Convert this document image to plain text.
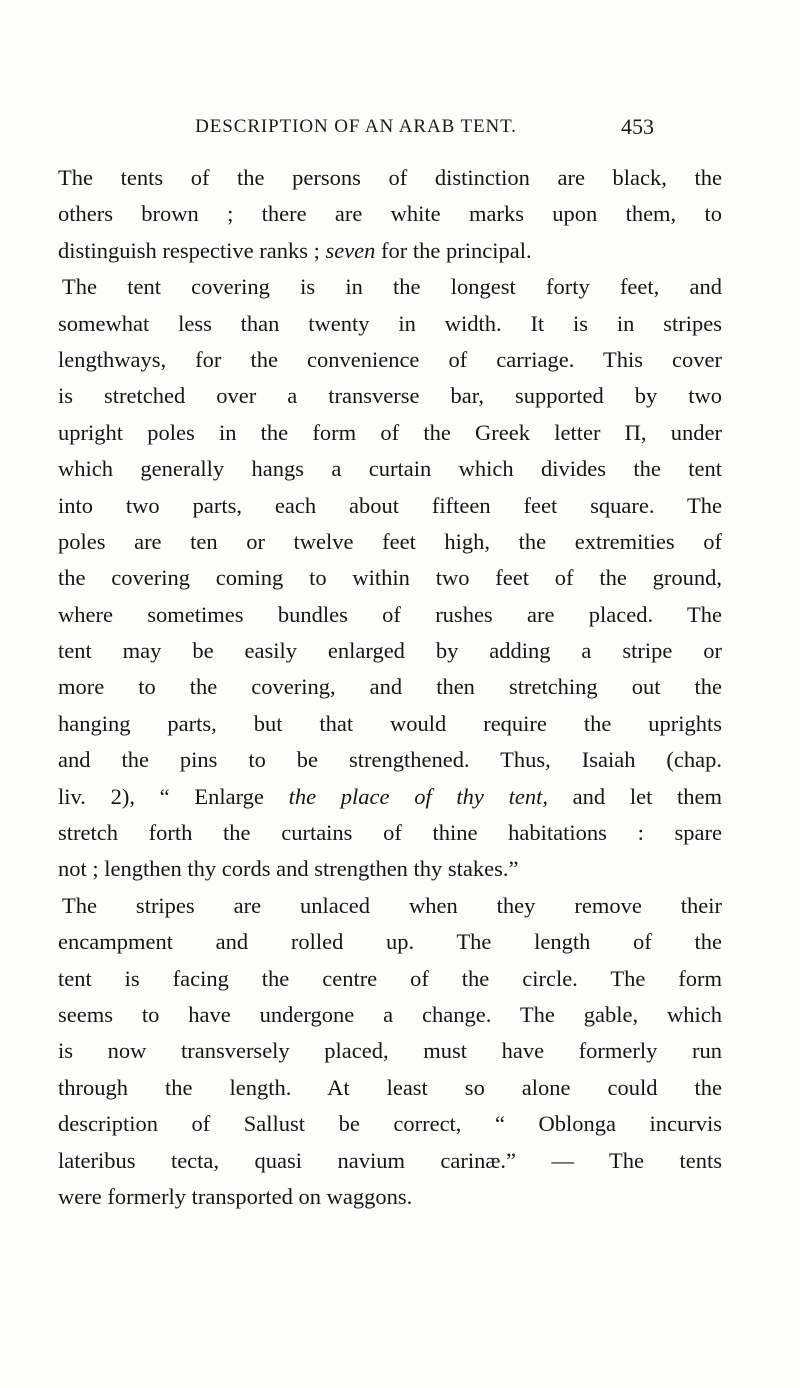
DESCRIPTION OF AN ARAB TENT.	453
The tents of the persons of distinction are black, the
others brown ; there are white marks upon them, to
distinguish respective ranks ; seven for the principal.
The tent covering is in the longest forty feet, and
somewhat less than twenty in width. It is in stripes
lengthways, for the convenience of carriage. This cover
is stretched over a transverse bar, supported by two
upright poles in the form of the Greek letter Π, under
which generally hangs a curtain which divides the tent
into two parts, each about fifteen feet square. The
poles are ten or twelve feet high, the extremities of
the covering coming to within two feet of the ground,
where sometimes bundles of rushes are placed. The
tent may be easily enlarged by adding a stripe or
more to the covering, and then stretching out the
hanging parts, but that would require the uprights
and the pins to be strengthened. Thus, Isaiah (chap.
liv. 2), “ Enlarge the place of thy tent, and let them
stretch forth the curtains of thine habitations : spare
not ; lengthen thy cords and strengthen thy stakes.”
The stripes are unlaced when they remove their
encampment and rolled up. The length of the
tent is facing the centre of the circle. The form
seems to have undergone a change. The gable, which
is now transversely placed, must have formerly run
through the length. At least so alone could the
description of Sallust be correct, “ Oblonga incurvis
lateribus tecta, quasi navium carinæ.” — The tents
were formerly transported on waggons.
